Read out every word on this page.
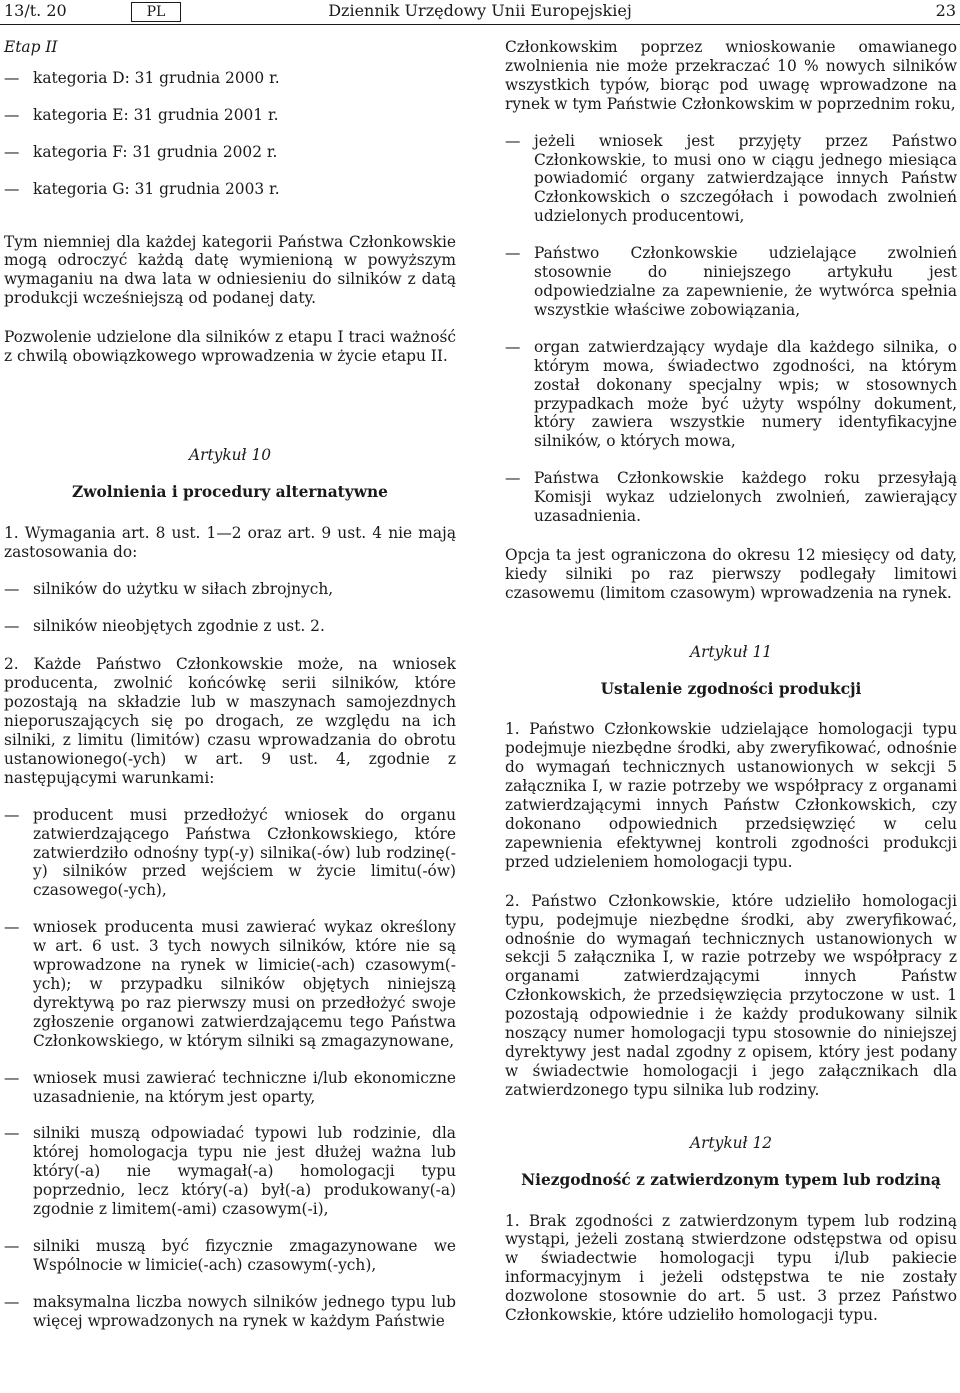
13/t. 20	PL	Dziennik Urzędowy Unii Europejskiej	23
Etap II
— kategoria D: 31 grudnia 2000 r.
— kategoria E: 31 grudnia 2001 r.
— kategoria F: 31 grudnia 2002 r.
— kategoria G: 31 grudnia 2003 r.

Tym niemniej dla każdej kategorii Państwa Członkowskie mogą odroczyć każdą datę wymienioną w powyższym wymaganiu na dwa lata w odniesieniu do silników z datą produkcji wcześniejszą od podanej daty.

Pozwolenie udzielone dla silników z etapu I traci ważność z chwilą obowiązkowego wprowadzenia w życie etapu II.

Artykuł 10
Zwolnienia i procedury alternatywne

1. Wymagania art. 8 ust. 1—2 oraz art. 9 ust. 4 nie mają zastosowania do:

— silników do użytku w siłach zbrojnych,
— silników nieobjętych zgodnie z ust. 2.

2. Każde Państwo Członkowskie może, na wniosek producenta, zwolnić końcówkę serii silników, które pozostają na składzie lub w maszynach samojezdnych nieporuszających się po drogach, ze względu na ich silniki, z limitu (limitów) czasu wprowadzania do obrotu ustanowionego(-ych) w art. 9 ust. 4, zgodnie z następującymi warunkami:

— producent musi przedłożyć wniosek do organu zatwierdzającego Państwa Członkowskiego, które zatwierdziło odnośny typ(-y) silnika(-ów) lub rodzinę(-y) silników przed wejściem w życie limitu(-ów) czasowego(-ych),
— wniosek producenta musi zawierać wykaz określony w art. 6 ust. 3 tych nowych silników, które nie są wprowadzone na rynek w limicie(-ach) czasowym(-ych); w przypadku silników objętych niniejszą dyrektywą po raz pierwszy musi on przedłożyć swoje zgłoszenie organowi zatwierdzającemu tego Państwa Członkowskiego, w którym silniki są zmagazynowane,
— wniosek musi zawierać techniczne i/lub ekonomiczne uzasadnienie, na którym jest oparty,
— silniki muszą odpowiadać typowi lub rodzinie, dla której homologacja typu nie jest dłużej ważna lub który(-a) nie wymagał(-a) homologacji typu poprzednio, lecz który(-a) był(-a) produkowany(-a) zgodnie z limitem(-ami) czasowym(-i),
— silniki muszą być fizycznie zmagazynowane we Wspólnocie w limicie(-ach) czasowym(-ych),
— maksymalna liczba nowych silników jednego typu lub więcej wprowadzonych na rynek w każdym Państwie

Członkowskim poprzez wnioskowanie omawianego zwolnienia nie może przekraczać 10 % nowych silników wszystkich typów, biorąc pod uwagę wprowadzone na rynek w tym Państwie Członkowskim w poprzednim roku,

— jeżeli wniosek jest przyjęty przez Państwo Członkowskie, to musi ono w ciągu jednego miesiąca powiadomić organy zatwierdzające innych Państw Członkowskich o szczegółach i powodach zwolnień udzielonych producentowi,
— Państwo Członkowskie udzielające zwolnień stosownie do niniejszego artykułu jest odpowiedzialne za zapewnienie, że wytwórca spełnia wszystkie właściwe zobowiązania,
— organ zatwierdzający wydaje dla każdego silnika, o którym mowa, świadectwo zgodności, na którym został dokonany specjalny wpis; w stosownych przypadkach może być użyty wspólny dokument, który zawiera wszystkie numery identyfikacyjne silników, o których mowa,
— Państwa Członkowskie każdego roku przesyłają Komisji wykaz udzielonych zwolnień, zawierający uzasadnienia.

Opcja ta jest ograniczona do okresu 12 miesięcy od daty, kiedy silniki po raz pierwszy podlegały limitowi czasowemu (limitom czasowym) wprowadzenia na rynek.

Artykuł 11
Ustalenie zgodności produkcji

1. Państwo Członkowskie udzielające homologacji typu podejmuje niezbędne środki, aby zweryfikować, odnośnie do wymagań technicznych ustanowionych w sekcji 5 załącznika I, w razie potrzeby we współpracy z organami zatwierdzającymi innych Państw Członkowskich, czy dokonano odpowiednich przedsięwzięć w celu zapewnienia efektywnej kontroli zgodności produkcji przed udzieleniem homologacji typu.

2. Państwo Członkowskie, które udzieliło homologacji typu, podejmuje niezbędne środki, aby zweryfikować, odnośnie do wymagań technicznych ustanowionych w sekcji 5 załącznika I, w razie potrzeby we współpracy z organami zatwierdzającymi innych Państw Członkowskich, że przedsięwzięcia przytoczone w ust. 1 pozostają odpowiednie i że każdy produkowany silnik noszący numer homologacji typu stosownie do niniejszej dyrektywy jest nadal zgodny z opisem, który jest podany w świadectwie homologacji i jego załącznikach dla zatwierdzonego typu silnika lub rodziny.

Artykuł 12
Niezgodność z zatwierdzonym typem lub rodziną

1. Brak zgodności z zatwierdzonym typem lub rodziną wystąpi, jeżeli zostaną stwierdzone odstępstwa od opisu w świadectwie homologacji typu i/lub pakiecie informacyjnym i jeżeli odstępstwa te nie zostały dozwolone stosownie do art. 5 ust. 3 przez Państwo Członkowskie, które udzieliło homologacji typu.
